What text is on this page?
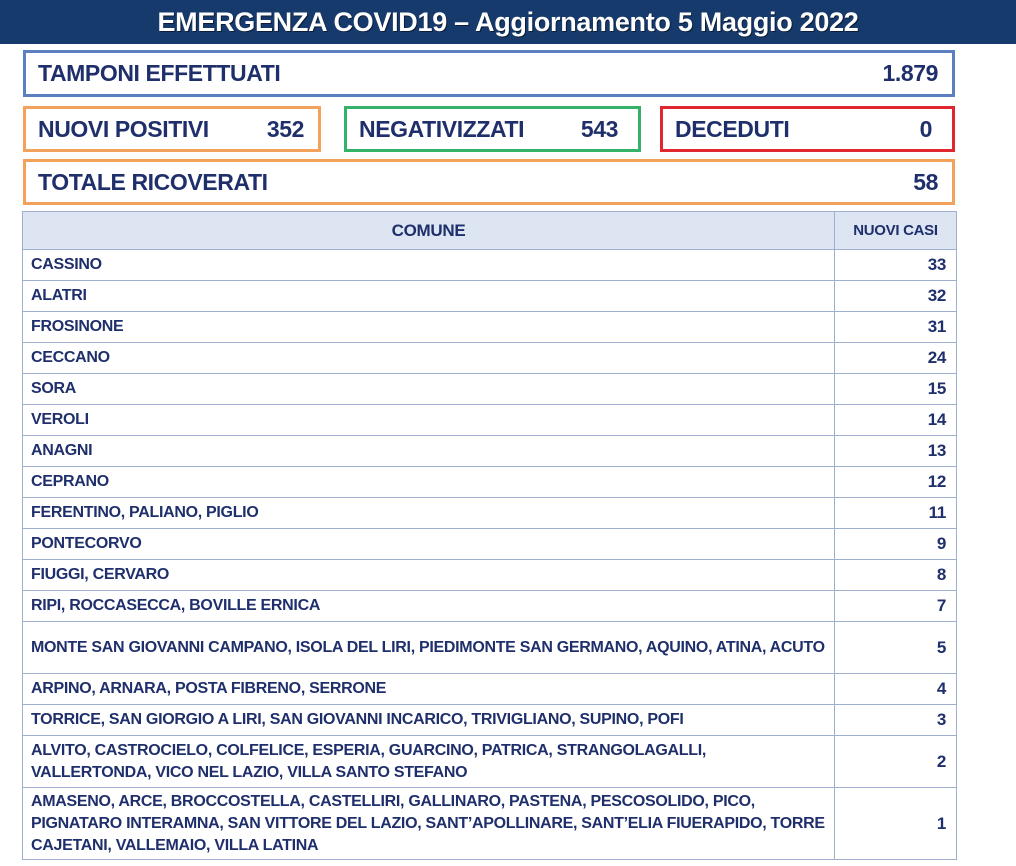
EMERGENZA COVID19 – Aggiornamento 5 Maggio 2022
TAMPONI EFFETTUATI	1.879
NUOVI POSITIVI	352 NEGATIVIZZATI 543 DECEDUTI	0
TOTALE RICOVERATI	58
COMUNE	NUOVI CASI
CASSINO	33
ALATRI	32
FROSINONE	31
CECCANO	24
SORA	15
VEROLI	14
ANAGNI	13
CEPRANO	12
FERENTINO, PALIANO, PIGLIO	11
PONTECORVO	9
FIUGGI, CERVARO	8
RIPI, ROCCASECCA, BOVILLE ERNICA	7
MONTE SAN GIOVANNI CAMPANO, ISOLA DEL LIRI, PIEDIMONTE SAN GERMANO, AQUINO, ATINA, ACUTO	5
ARPINO, ARNARA, POSTA FIBRENO, SERRONE	4
TORRICE, SAN GIORGIO A LIRI, SAN GIOVANNI INCARICO, TRIVIGLIANO, SUPINO, POFI	3
ALVITO, CASTROCIELO, COLFELICE, ESPERIA, GUARCINO, PATRICA, STRANGOLAGALLI, VALLERTONDA, VICO NEL LAZIO, VILLA SANTO STEFANO	2
AMASENO, ARCE, BROCCOSTELLA, CASTELLIRI, GALLINARO, PASTENA, PESCOSOLIDO, PICO, PIGNATARO INTERAMNA, SAN VITTORE DEL LAZIO, SANT’APOLLINARE, SANT’ELIA FIUERAPIDO, TORRE CAJETANI, VALLEMAIO, VILLA LATINA	1
